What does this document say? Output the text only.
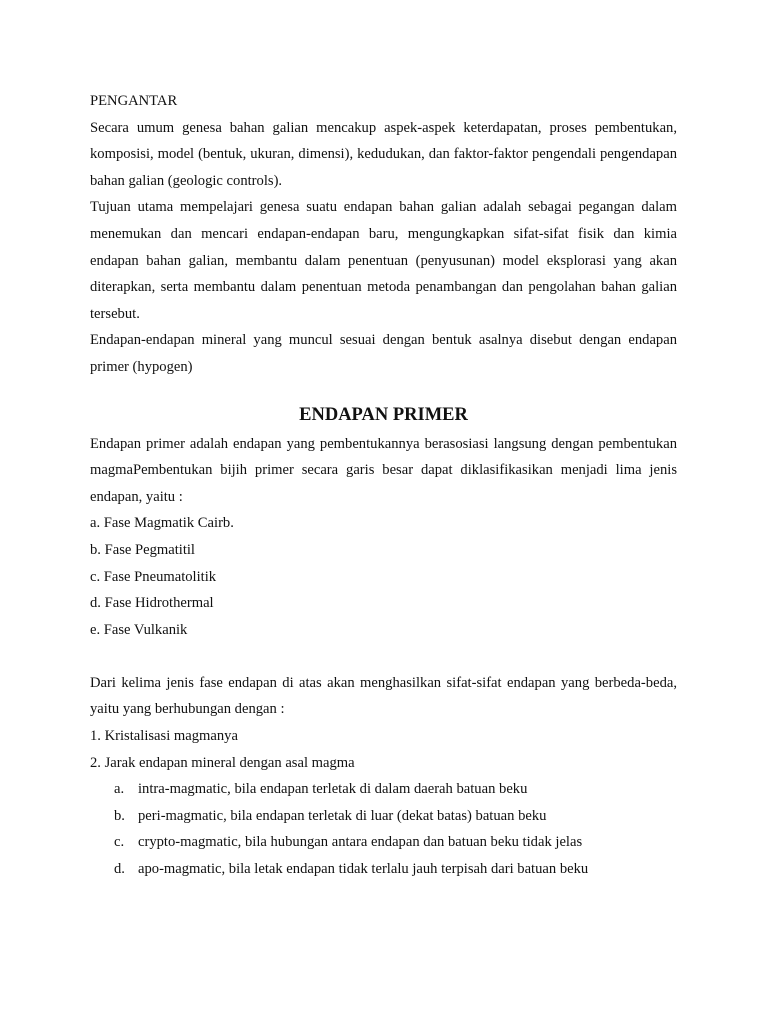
PENGANTAR

Secara umum genesa bahan galian mencakup aspek-aspek keterdapatan, proses pembentukan, komposisi, model (bentuk, ukuran, dimensi), kedudukan, dan faktor-faktor pengendali pengendapan bahan galian (geologic controls).

Tujuan utama mempelajari genesa suatu endapan bahan galian adalah sebagai pegangan dalam menemukan dan mencari endapan-endapan baru, mengungkapkan sifat-sifat fisik dan kimia endapan bahan galian, membantu dalam penentuan (penyusunan) model eksplorasi yang akan diterapkan, serta membantu dalam penentuan metoda penambangan dan pengolahan bahan galian tersebut.

Endapan-endapan mineral yang muncul sesuai dengan bentuk asalnya disebut dengan endapan primer (hypogen)

ENDAPAN PRIMER

Endapan primer adalah endapan yang pembentukannya berasosiasi langsung dengan pembentukan magmaPembentukan bijih primer secara garis besar dapat diklasifikasikan menjadi lima jenis endapan, yaitu :

a. Fase Magmatik Cairb.

b. Fase Pegmatitil

c. Fase Pneumatolitik

d. Fase Hidrothermal

e. Fase Vulkanik

Dari kelima jenis fase endapan di atas akan menghasilkan sifat-sifat endapan yang berbeda-beda, yaitu yang berhubungan dengan :

1. Kristalisasi magmanya

2. Jarak endapan mineral dengan asal magma

a. intra-magmatic, bila endapan terletak di dalam daerah batuan beku
b. peri-magmatic, bila endapan terletak di luar (dekat batas) batuan beku
c. crypto-magmatic, bila hubungan antara endapan dan batuan beku tidak jelas
d. apo-magmatic, bila letak endapan tidak terlalu jauh terpisah dari batuan beku
